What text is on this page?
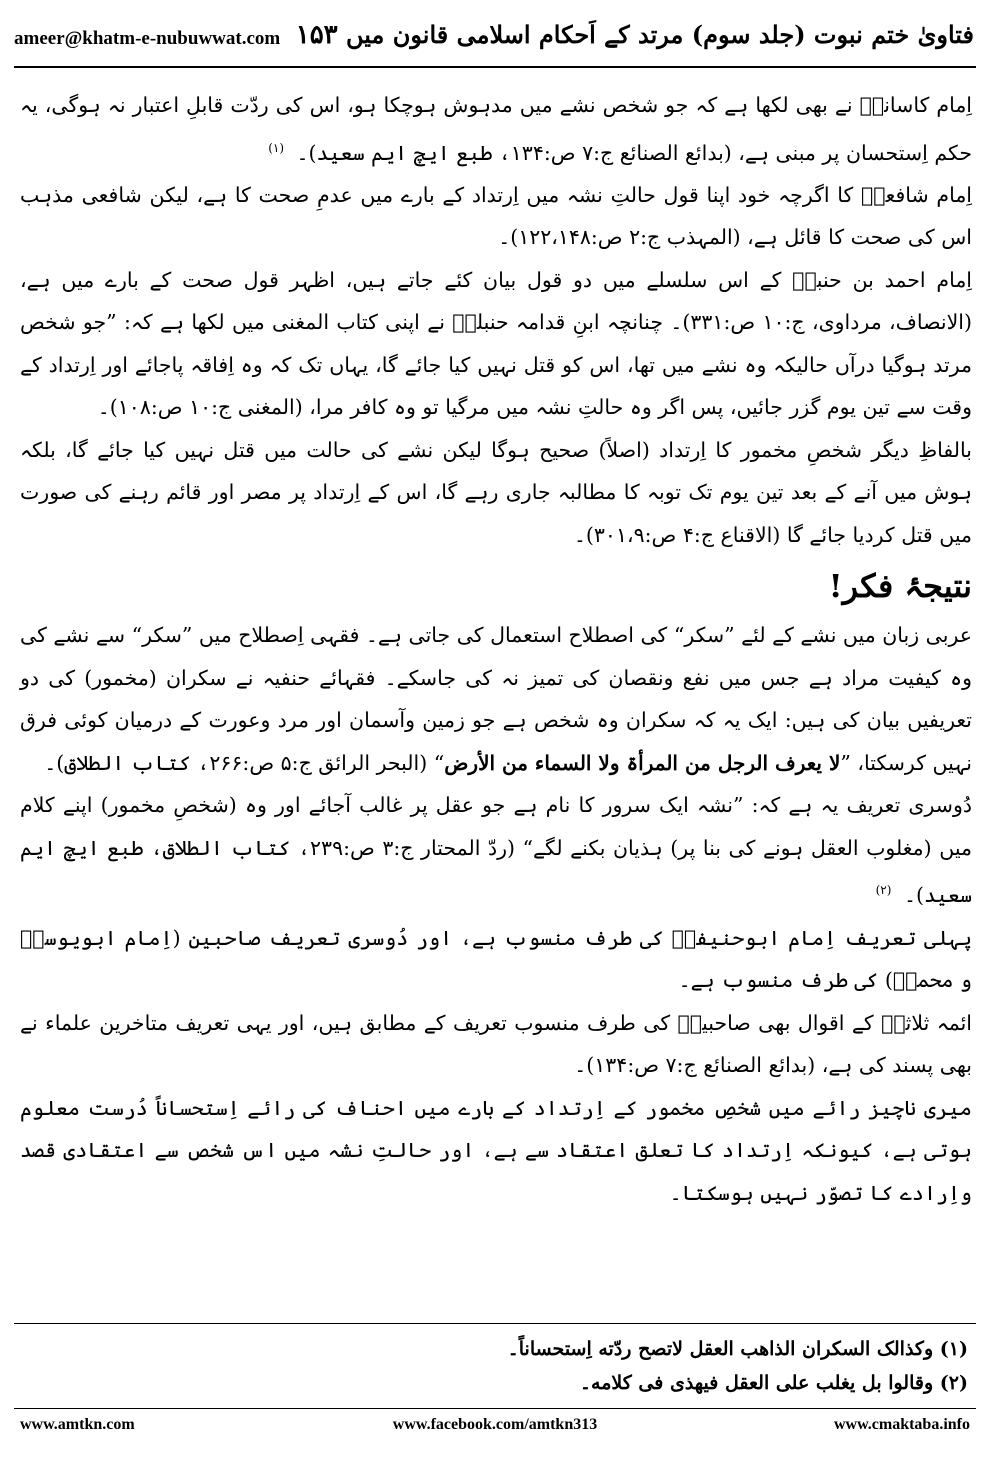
ameer@khatm-e-nubuwwat.com	فتاویٰ ختم نبوت (جلد سوم) مرتد کے اَحکام اسلامی قانون میں ۱۵۳

اِمام کاسانیؒ نے بھی لکھا ہے کہ جو شخص نشے میں مدہوش ہوچکا ہو، اس کی ردّت قابلِ اعتبار نہ ہوگی، یہ حکم اِستحسان پر مبنی ہے، (بدائع الصنائع ج:۷ ص:۱۳۴، طبع ایچ ایم سعید)۔ $^{(۱)}$

اِمام شافعیؒ کا اگرچہ خود اپنا قول حالتِ نشہ میں اِرتداد کے بارے میں عدمِ صحت کا ہے، لیکن شافعی مذہب اس کی صحت کا قائل ہے، (المہذب ج:۲ ص:۱۲۲،۱۴۸)۔

اِمام احمد بن حنبلؒ کے اس سلسلے میں دو قول بیان کئے جاتے ہیں، اظہر قول صحت کے بارے میں ہے، (الانصاف، مرداوی، ج:۱۰ ص:۳۳۱)۔ چنانچہ ابنِ قدامہ حنبلیؒ نے اپنی کتاب المغنی میں لکھا ہے کہ: ”جو شخص مرتد ہوگیا درآں حالیکہ وہ نشے میں تھا، اس کو قتل نہیں کیا جائے گا، یہاں تک کہ وہ اِفاقہ پاجائے اور اِرتداد کے وقت سے تین یوم گزر جائیں، پس اگر وہ حالتِ نشہ میں مرگیا تو وہ کافر مرا، (المغنی ج:۱۰ ص:۱۰۸)۔

بالفاظِ دیگر شخصِ مخمور کا اِرتداد (اصلاً) صحیح ہوگا لیکن نشے کی حالت میں قتل نہیں کیا جائے گا، بلکہ ہوش میں آنے کے بعد تین یوم تک توبہ کا مطالبہ جاری رہے گا، اس کے اِرتداد پر مصر اور قائم رہنے کی صورت میں قتل کردیا جائے گا (الاقناع ج:۴ ص:۳۰۱،۹)۔

نتیجۂ فکر!

عربی زبان میں نشے کے لئے ”سکر“ کی اصطلاح استعمال کی جاتی ہے۔ فقہی اِصطلاح میں ”سکر“ سے نشے کی وہ کیفیت مراد ہے جس میں نفع ونقصان کی تمیز نہ کی جاسکے۔ فقہائے حنفیہ نے سکران (مخمور) کی دو تعریفیں بیان کی ہیں: ایک یہ کہ سکران وہ شخص ہے جو زمین وآسمان اور مرد وعورت کے درمیان کوئی فرق نہیں کرسکتا، ”لا یعرف الرجل من المرأۃ ولا السماء من الأرض“ (البحر الرائق ج:۵ ص:۲۶۶، کتاب الطلاق)۔

دُوسری تعریف یہ ہے کہ: ”نشہ ایک سرور کا نام ہے جو عقل پر غالب آجائے اور وہ (شخصِ مخمور) اپنے کلام میں (مغلوب العقل ہونے کی بنا پر) ہذیان بکنے لگے“ (ردّ المحتار ج:۳ ص:۲۳۹، کتاب الطلاق، طبع ایچ ایم سعید)۔ $^{(۲)}$

پہلی تعریف اِمام ابوحنیفہؒ کی طرف منسوب ہے، اور دُوسری تعریف صاحبین (اِمام ابویوسفؒ و محمدؒ) کی طرف منسوب ہے۔

ائمہ ثلاثہؒ کے اقوال بھی صاحبینؒ کی طرف منسوب تعریف کے مطابق ہیں، اور یہی تعریف متاخرین علماء نے بھی پسند کی ہے، (بدائع الصنائع ج:۷ ص:۱۳۴)۔

میری ناچیز رائے میں شخصِ مخمور کے اِرتداد کے بارے میں احناف کی رائے اِستحساناً دُرست معلوم ہوتی ہے، کیونکہ اِرتداد کا تعلق اعتقاد سے ہے، اور حالتِ نشہ میں اس شخص سے اعتقادی قصد واِرادے کا تصوّر نہیں ہوسکتا۔

(۱) وکذالک السکران الذاهب العقل لاتصح ردّته اِستحساناً۔
(۲) وقالوا بل یغلب علی العقل فیهذی فی کلامه۔
www.amtkn.com	www.facebook.com/amtkn313	www.cmaktaba.info
